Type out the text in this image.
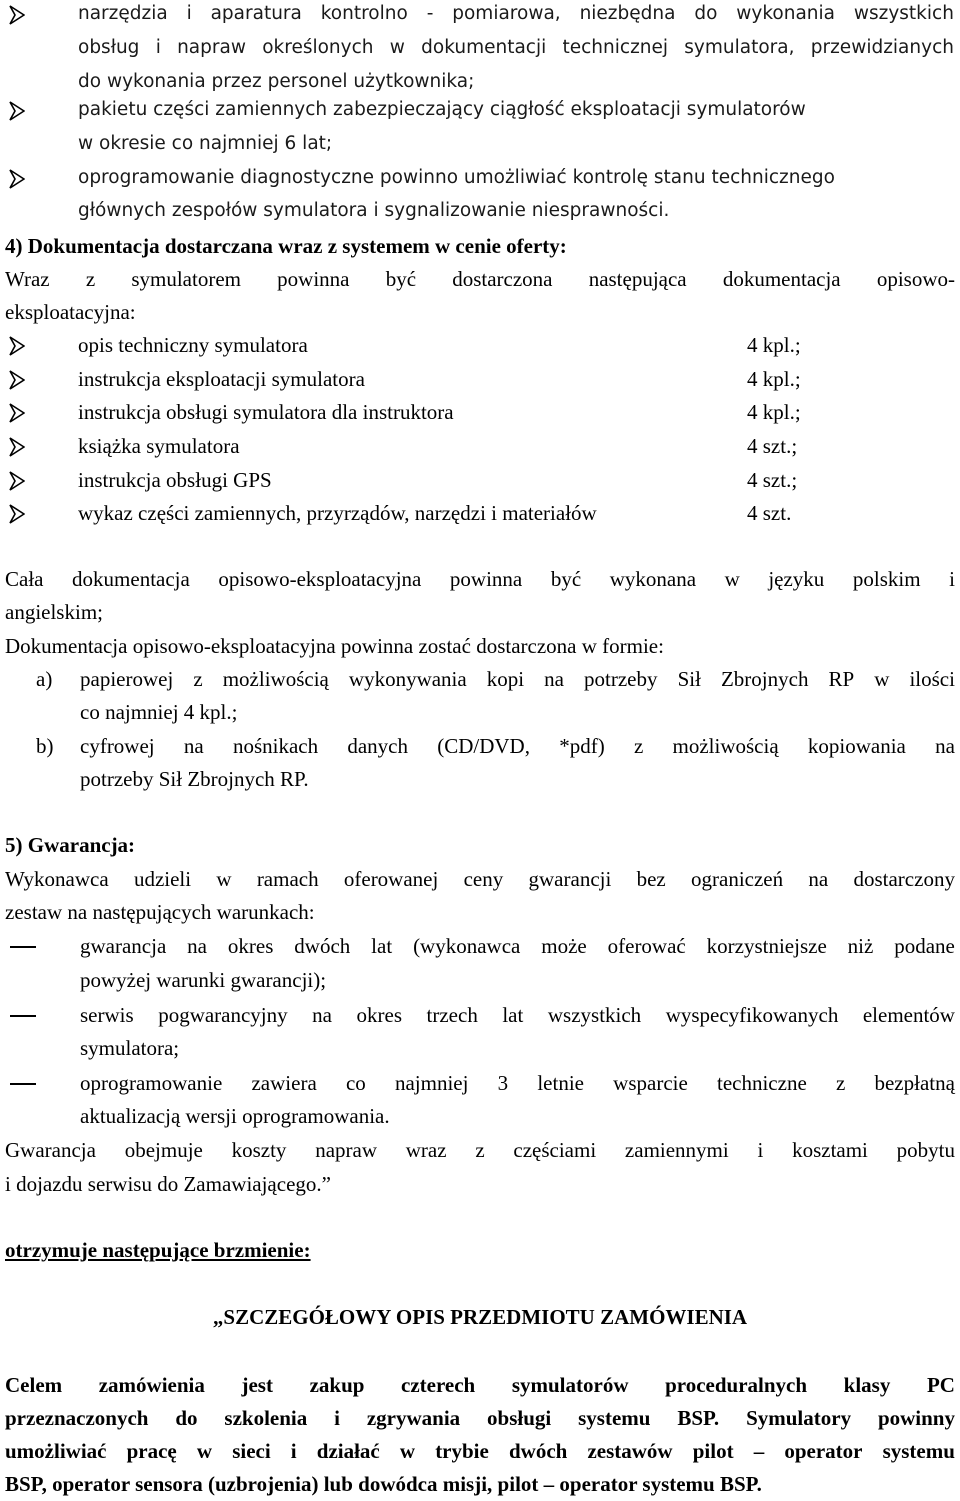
narzędzia i aparatura kontrolno - pomiarowa, niezbędna do wykonania wszystkich
obsług i napraw określonych w dokumentacji technicznej symulatora, przewidzianych
do wykonania przez personel użytkownika;
pakietu części zamiennych zabezpieczający ciągłość eksploatacji symulatorów
w okresie co najmniej 6 lat;
oprogramowanie diagnostyczne powinno umożliwiać kontrolę stanu technicznego
głównych zespołów symulatora i sygnalizowanie niesprawności.
4) Dokumentacja dostarczana wraz z systemem w cenie oferty:
Wraz z symulatorem powinna być dostarczona następująca dokumentacja opisowo-
eksploatacyjna:
opis techniczny symulatora	4 kpl.;
instrukcja eksploatacji symulatora	4 kpl.;
instrukcja obsługi symulatora dla instruktora	4 kpl.;
książka symulatora	4 szt.;
instrukcja obsługi GPS	4 szt.;
wykaz części zamiennych, przyrządów, narzędzi i materiałów	4 szt.
Cała dokumentacja opisowo-eksploatacyjna powinna być wykonana w języku polskim i
angielskim;
Dokumentacja opisowo-eksploatacyjna powinna zostać dostarczona w formie:
a) papierowej z możliwością wykonywania kopi na potrzeby Sił Zbrojnych RP w ilości
co najmniej 4 kpl.;
b) cyfrowej na nośnikach danych (CD/DVD, *pdf) z możliwością kopiowania na
potrzeby Sił Zbrojnych RP.
5) Gwarancja:
Wykonawca udzieli w ramach oferowanej ceny gwarancji bez ograniczeń na dostarczony
zestaw na następujących warunkach:
gwarancja na okres dwóch lat (wykonawca może oferować korzystniejsze niż podane
powyżej warunki gwarancji);
serwis pogwarancyjny na okres trzech lat wszystkich wyspecyfikowanych elementów
symulatora;
oprogramowanie zawiera co najmniej 3 letnie wsparcie techniczne z bezpłatną
aktualizacją wersji oprogramowania.
Gwarancja obejmuje koszty napraw wraz z częściami zamiennymi i kosztami pobytu
i dojazdu serwisu do Zamawiającego.”
otrzymuje następujące brzmienie:
„SZCZEGÓŁOWY OPIS PRZEDMIOTU ZAMÓWIENIA
Celem zamówienia jest zakup czterech symulatorów proceduralnych klasy PC
przeznaczonych do szkolenia i zgrywania obsługi systemu BSP. Symulatory powinny
umożliwiać pracę w sieci i działać w trybie dwóch zestawów pilot – operator systemu
BSP, operator sensora (uzbrojenia) lub dowódca misji, pilot – operator systemu BSP.
